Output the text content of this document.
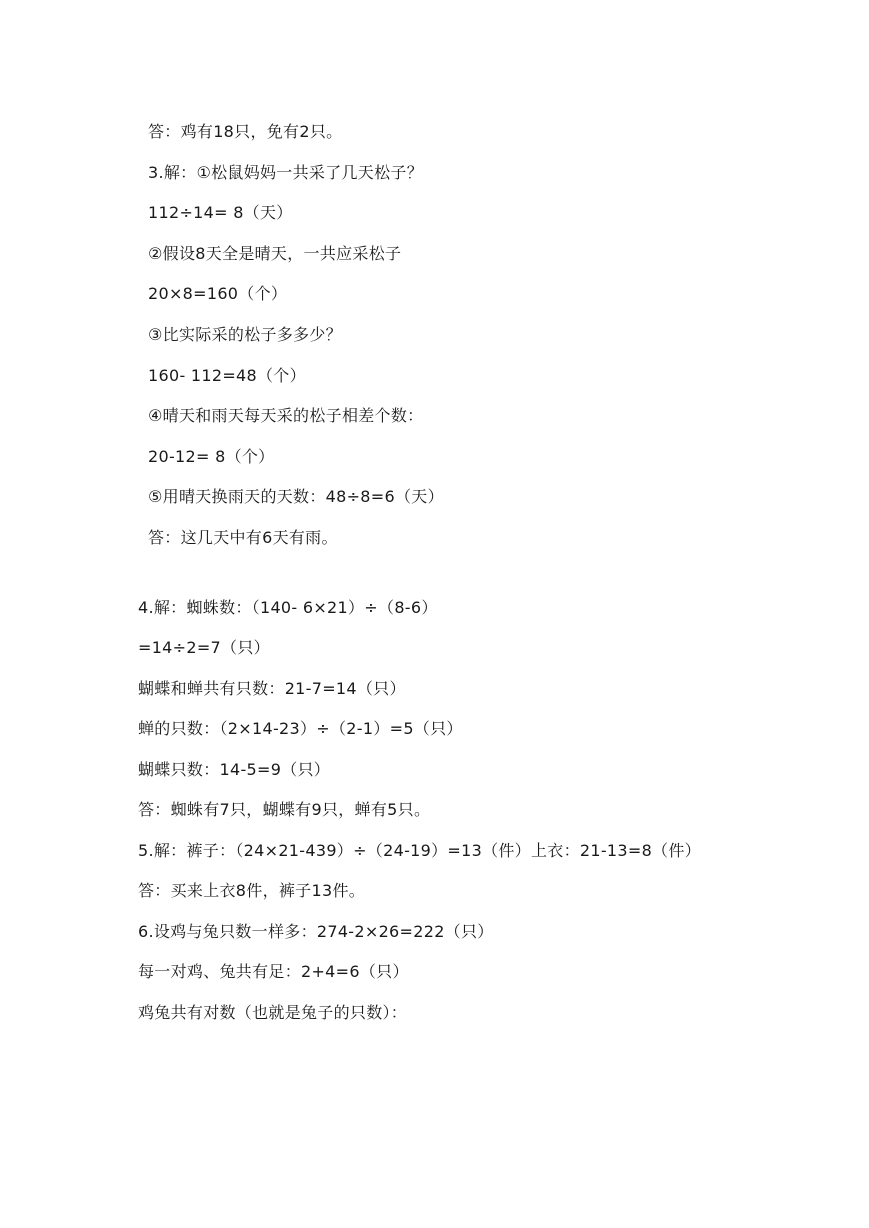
答：鸡有18只，免有2只。
3.解：①松鼠妈妈一共采了几天松子？
112÷14= 8（天）
②假设8天全是晴天，一共应采松子
20×8=160（个）
③比实际采的松子多多少？
160- 112=48（个）
④晴天和雨天每天采的松子相差个数：
20-12= 8（个）
⑤用晴天换雨天的天数：48÷8=6（天）
答：这几天中有6天有雨。
4.解：蜘蛛数：（140- 6×21）÷（8-6）
=14÷2=7（只）
蝴蝶和蝉共有只数：21-7=14（只）
蝉的只数：（2×14-23）÷（2-1）=5（只）
蝴蝶只数：14-5=9（只）
答：蜘蛛有7只，蝴蝶有9只，蝉有5只。
5.解：裤子：（24×21-439）÷（24-19）=13（件）上衣：21-13=8（件）
答：买来上衣8件，裤子13件。
6.设鸡与兔只数一样多：274-2×26=222（只）
每一对鸡、兔共有足：2+4=6（只）
鸡兔共有对数（也就是兔子的只数）：
